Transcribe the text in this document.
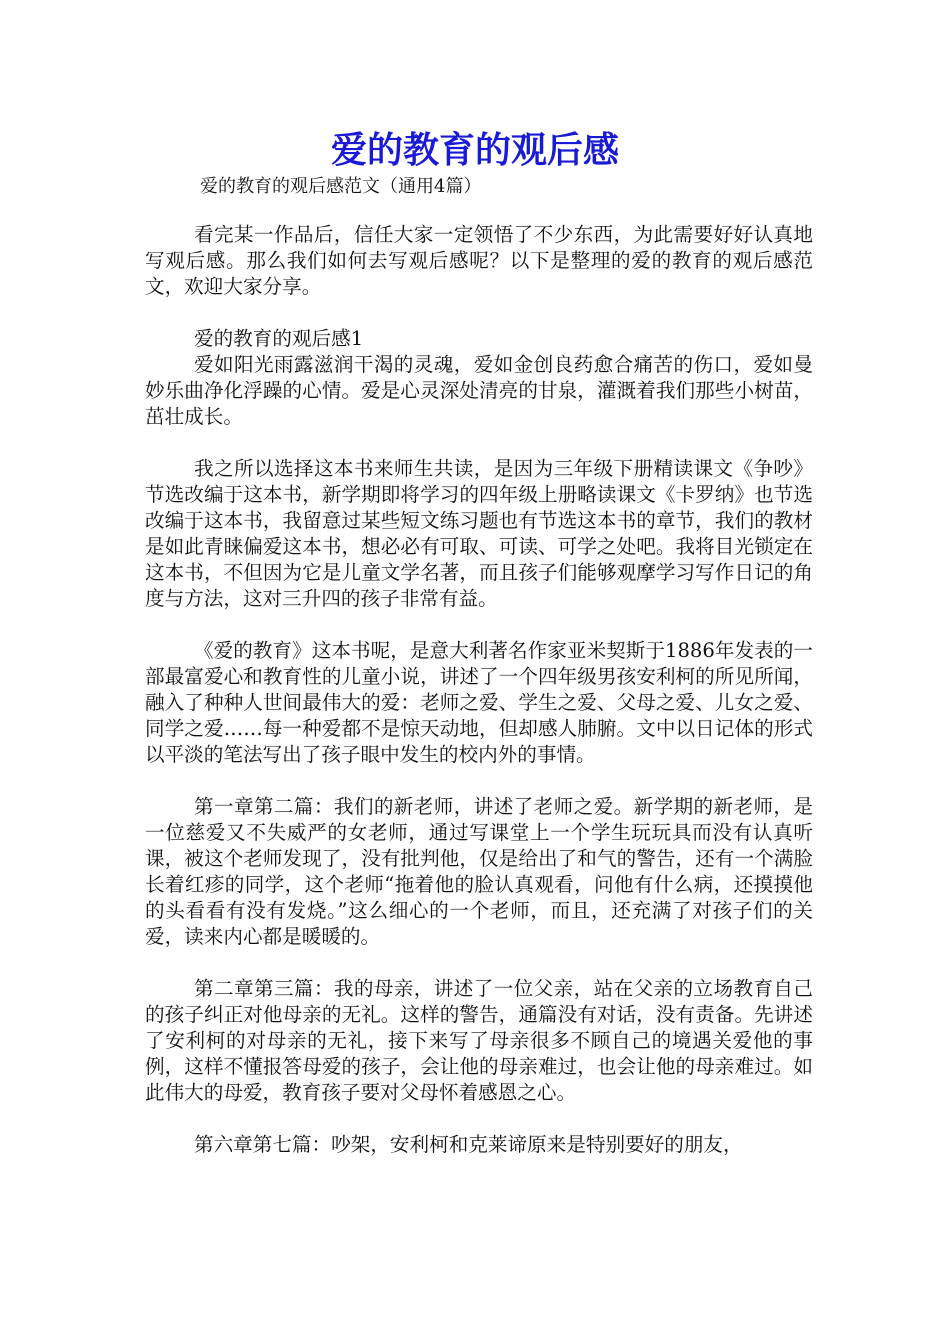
爱的教育的观后感

爱的教育的观后感范文（通用4篇）

看完某一作品后，信任大家一定领悟了不少东西，为此需要好好认真地写观后感。那么我们如何去写观后感呢？以下是整理的爱的教育的观后感范文，欢迎大家分享。

爱的教育的观后感1

爱如阳光雨露滋润干渴的灵魂，爱如金创良药愈合痛苦的伤口，爱如曼妙乐曲净化浮躁的心情。爱是心灵深处清亮的甘泉，灌溉着我们那些小树苗，茁壮成长。

我之所以选择这本书来师生共读，是因为三年级下册精读课文《争吵》节选改编于这本书，新学期即将学习的四年级上册略读课文《卡罗纳》也节选改编于这本书，我留意过某些短文练习题也有节选这本书的章节，我们的教材是如此青睐偏爱这本书，想必必有可取、可读、可学之处吧。我将目光锁定在这本书，不但因为它是儿童文学名著，而且孩子们能够观摩学习写作日记的角度与方法，这对三升四的孩子非常有益。

《爱的教育》这本书呢，是意大利著名作家亚米契斯于1886年发表的一部最富爱心和教育性的儿童小说，讲述了一个四年级男孩安利柯的所见所闻，融入了种种人世间最伟大的爱：老师之爱、学生之爱、父母之爱、儿女之爱、同学之爱……每一种爱都不是惊天动地，但却感人肺腑。文中以日记体的形式以平淡的笔法写出了孩子眼中发生的校内外的事情。

第一章第二篇：我们的新老师，讲述了老师之爱。新学期的新老师，是一位慈爱又不失威严的女老师，通过写课堂上一个学生玩玩具而没有认真听课，被这个老师发现了，没有批判他，仅是给出了和气的警告，还有一个满脸长着红疹的同学，这个老师“拖着他的脸认真观看，问他有什么病，还摸摸他的头看看有没有发烧。”这么细心的一个老师，而且，还充满了对孩子们的关爱，读来内心都是暖暖的。

第二章第三篇：我的母亲，讲述了一位父亲，站在父亲的立场教育自己的孩子纠正对他母亲的无礼。这样的警告，通篇没有对话，没有责备。先讲述了安利柯的对母亲的无礼，接下来写了母亲很多不顾自己的境遇关爱他的事例，这样不懂报答母爱的孩子，会让他的母亲难过，也会让他的母亲难过。如此伟大的母爱，教育孩子要对父母怀着感恩之心。

第六章第七篇：吵架，安利柯和克莱谛原来是特别要好的朋友，
